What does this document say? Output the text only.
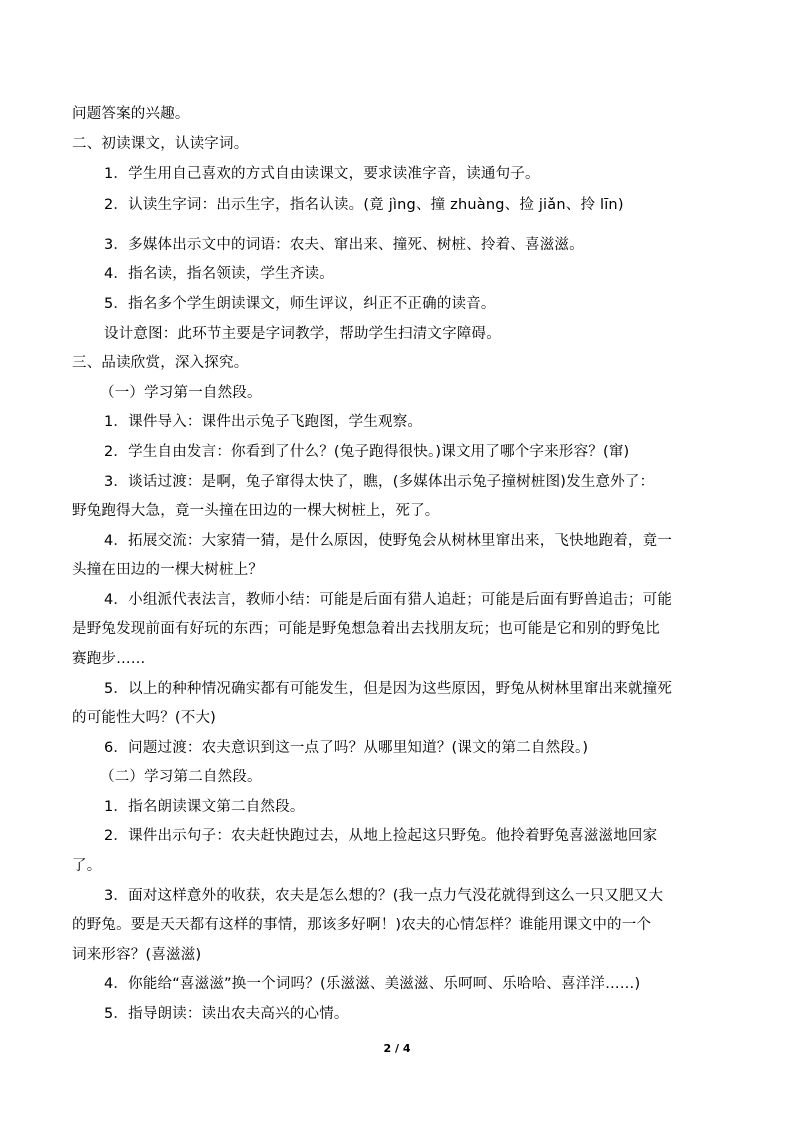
问题答案的兴趣。
二、初读课文，认读字词。
1．学生用自己喜欢的方式自由读课文，要求读准字音，读通句子。
2．认读生字词：出示生字，指名认读。(竟 jìng、撞 zhuàng、捡 jiǎn、拎 līn)
3．多媒体出示文中的词语：农夫、窜出来、撞死、树桩、拎着、喜滋滋。
4．指名读，指名领读，学生齐读。
5．指名多个学生朗读课文，师生评议，纠正不正确的读音。
设计意图：此环节主要是字词教学，帮助学生扫清文字障碍。
三、品读欣赏，深入探究。
（一）学习第一自然段。
1．课件导入：课件出示兔子飞跑图，学生观察。
2．学生自由发言：你看到了什么？(兔子跑得很快。)课文用了哪个字来形容？(窜)
3．谈话过渡：是啊，兔子窜得太快了，瞧，(多媒体出示兔子撞树桩图)发生意外了：
野兔跑得大急，竟一头撞在田边的一棵大树桩上，死了。
4．拓展交流：大家猜一猜，是什么原因，使野兔会从树林里窜出来，飞快地跑着，竟一
头撞在田边的一棵大树桩上？
4．小组派代表法言，教师小结：可能是后面有猎人追赶；可能是后面有野兽追击；可能
是野兔发现前面有好玩的东西；可能是野兔想急着出去找朋友玩；也可能是它和别的野兔比
赛跑步……
5．以上的种种情况确实都有可能发生，但是因为这些原因，野兔从树林里窜出来就撞死
的可能性大吗？(不大)
6．问题过渡：农夫意识到这一点了吗？从哪里知道？(课文的第二自然段。)
（二）学习第二自然段。
1．指名朗读课文第二自然段。
2．课件出示句子：农夫赶快跑过去，从地上捡起这只野兔。他拎着野兔喜滋滋地回家
了。
3．面对这样意外的收获，农夫是怎么想的？(我一点力气没花就得到这么一只又肥又大
的野兔。要是天天都有这样的事情，那该多好啊！)农夫的心情怎样？谁能用课文中的一个
词来形容？(喜滋滋)
4．你能给“喜滋滋”换一个词吗？(乐滋滋、美滋滋、乐呵呵、乐哈哈、喜洋洋……)
5．指导朗读：读出农夫高兴的心情。
2 / 4
